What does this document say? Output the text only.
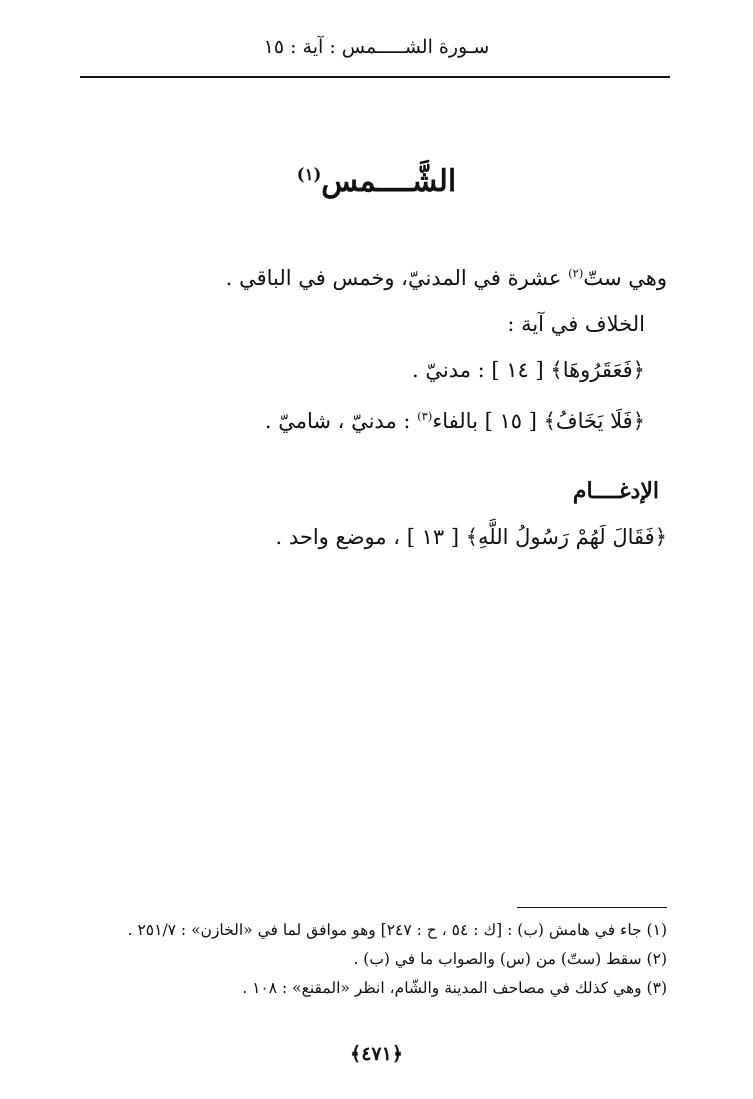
سـورة الشـــــمس : آية : ١٥
الشَّــــمس$^{(١)}$
وهي ستّ$^{(٢)}$ عشرة في المدنيّ، وخمس في الباقي .
الخلاف في آية :
﴿فَعَقَرُوهَا﴾ [ ١٤ ] : مدنيّ .
﴿فَلَا يَخَافُ﴾ [ ١٥ ] بالفاء$^{(٣)}$ : مدنيّ ، شاميّ .
الإدغــــام
﴿فَقَالَ لَهُمْ رَسُولُ اللَّهِ﴾ [ ١٣ ] ، موضع واحد .
(١) جاء في هامش (ب) : [ك : ٥٤ ، ح : ٢٤٧] وهو موافق لما في «الخازن» : ٢٥١/٧ .
(٢) سقط (ستّ) من (س) والصواب ما في (ب) .
(٣) وهي كذلك في مصاحف المدينة والشّام، انظر «المقنع» : ١٠٨ .
﴿٤٧١﴾
